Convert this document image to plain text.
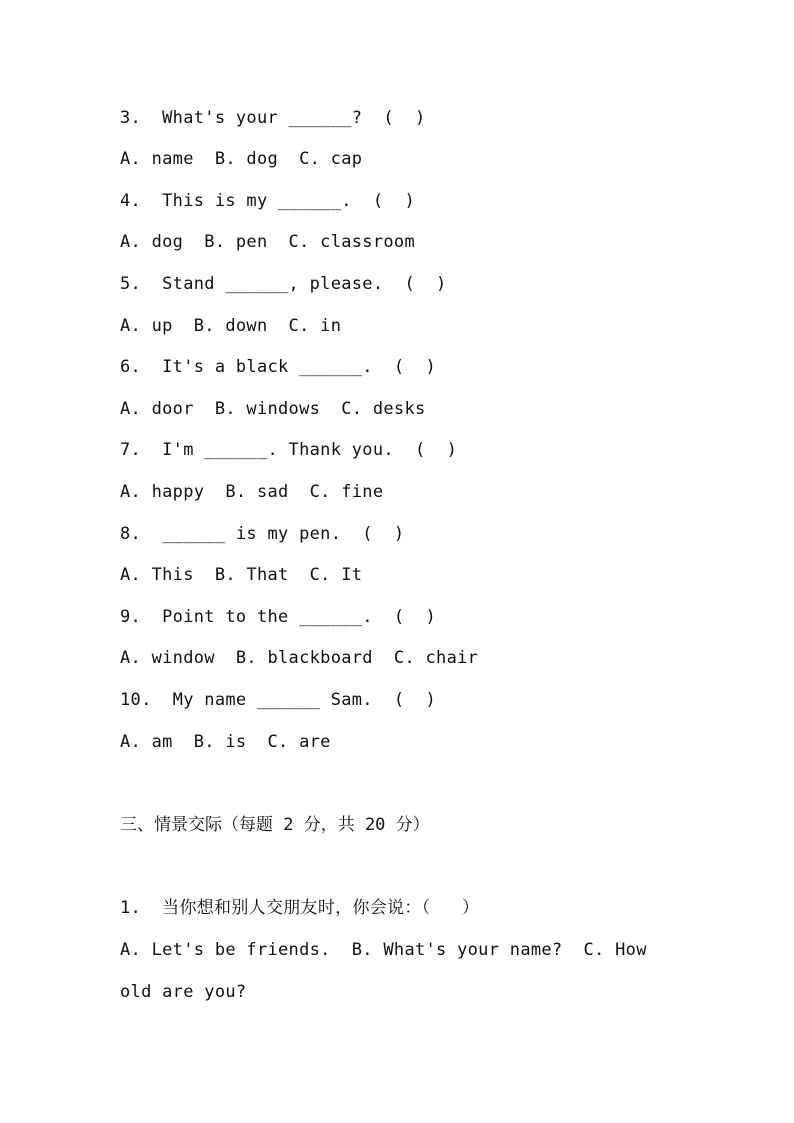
3.  What's your ______?  (  )
A. name  B. dog  C. cap
4.  This is my ______.  (  )
A. dog  B. pen  C. classroom
5.  Stand ______, please.  (  )
A. up  B. down  C. in
6.  It's a black ______.  (  )
A. door  B. windows  C. desks
7.  I'm ______. Thank you.  (  )
A. happy  B. sad  C. fine
8.  ______ is my pen.  (  )
A. This  B. That  C. It
9.  Point to the ______.  (  )
A. window  B. blackboard  C. chair
10.  My name ______ Sam.  (  )
A. am  B. is  C. are
三、情景交际（每题 2 分，共 20 分）
1.  当你想和别人交朋友时，你会说：（   ）
A. Let's be friends.  B. What's your name?  C. How
old are you?
